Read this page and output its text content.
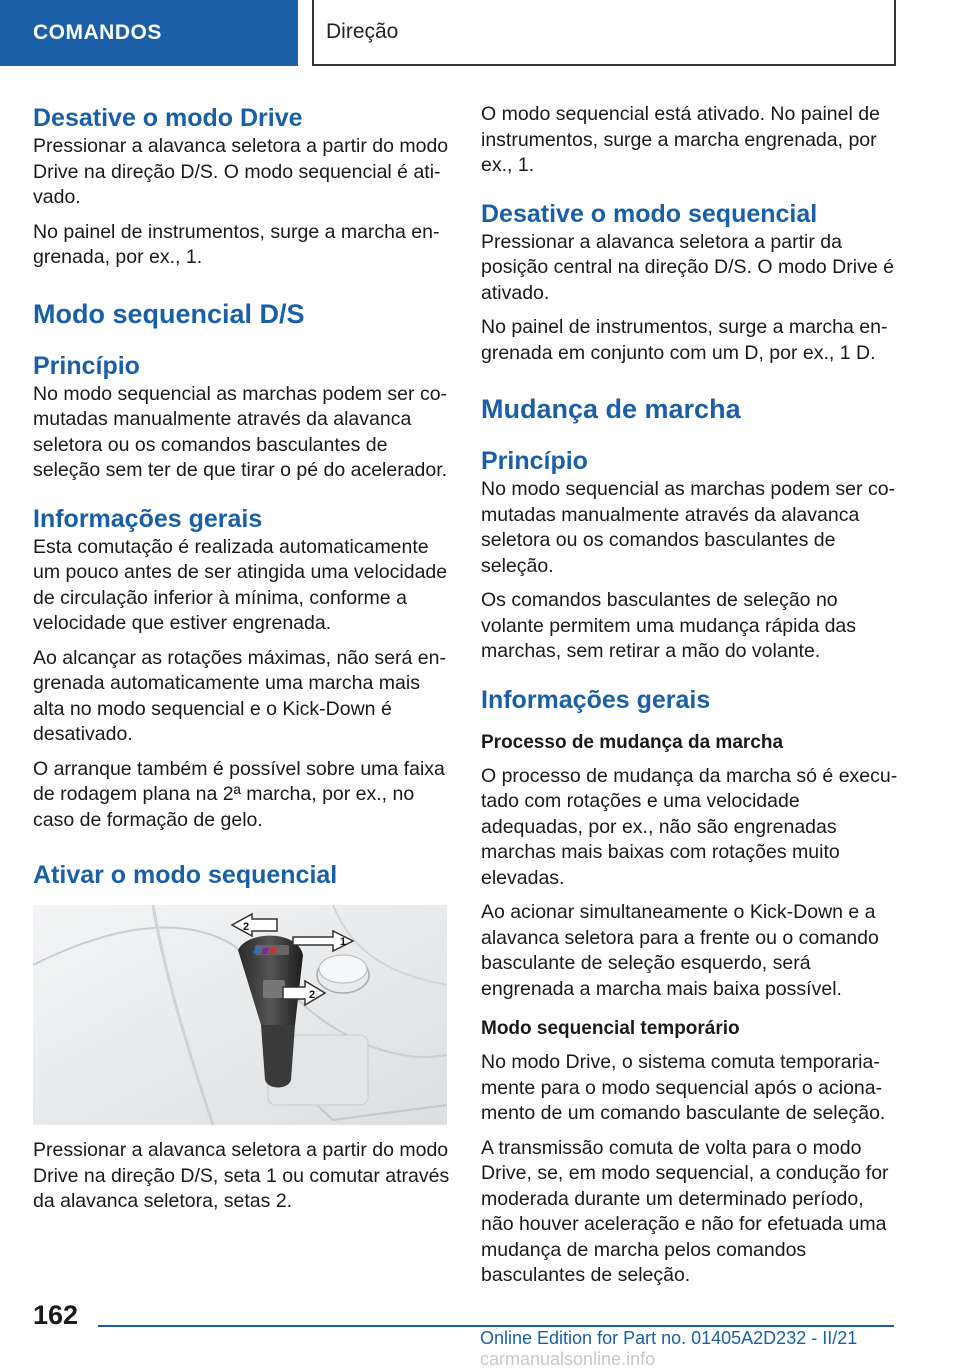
COMANDOS	Direção
Desative o modo Drive

Pressionar a alavanca seletora a partir do modo Drive na direção D/S. O modo sequencial é ativado.

No painel de instrumentos, surge a marcha engrenada, por ex., 1.

Modo sequencial D/S
Princípio

No modo sequencial as marchas podem ser comutadas manualmente através da alavanca seletora ou os comandos basculantes de seleção sem ter de que tirar o pé do acelerador.

Informações gerais

Esta comutação é realizada automaticamente um pouco antes de ser atingida uma velocidade de circulação inferior à mínima, conforme a velocidade que estiver engrenada.

Ao alcançar as rotações máximas, não será engrenada automaticamente uma marcha mais alta no modo sequencial e o Kick-Down é desativado.

O arranque também é possível sobre uma faixa de rodagem plana na 2ª marcha, por ex., no caso de formação de gelo.

Ativar o modo sequencial
1
2
2

Pressionar a alavanca seletora a partir do modo Drive na direção D/S, seta 1 ou comutar através da alavanca seletora, setas 2.

O modo sequencial está ativado. No painel de instrumentos, surge a marcha engrenada, por ex., 1.

Desative o modo sequencial

Pressionar a alavanca seletora a partir da posição central na direção D/S. O modo Drive é ativado.

No painel de instrumentos, surge a marcha engrenada em conjunto com um D, por ex., 1 D.

Mudança de marcha
Princípio

No modo sequencial as marchas podem ser comutadas manualmente através da alavanca seletora ou os comandos basculantes de seleção.

Os comandos basculantes de seleção no volante permitem uma mudança rápida das marchas, sem retirar a mão do volante.

Informações gerais
Processo de mudança da marcha

O processo de mudança da marcha só é executado com rotações e uma velocidade adequadas, por ex., não são engrenadas marchas mais baixas com rotações muito elevadas.

Ao acionar simultaneamente o Kick-Down e a alavanca seletora para a frente ou o comando basculante de seleção esquerdo, será engrenada a marcha mais baixa possível.

Modo sequencial temporário

No modo Drive, o sistema comuta temporariamente para o modo sequencial após o acionamento de um comando basculante de seleção.

A transmissão comuta de volta para o modo Drive, se, em modo sequencial, a condução for moderada durante um determinado período, não houver aceleração e não for efetuada uma mudança de marcha pelos comandos basculantes de seleção.

162
Online Edition for Part no. 01405A2D232 - II/21 carmanualsonline.info
